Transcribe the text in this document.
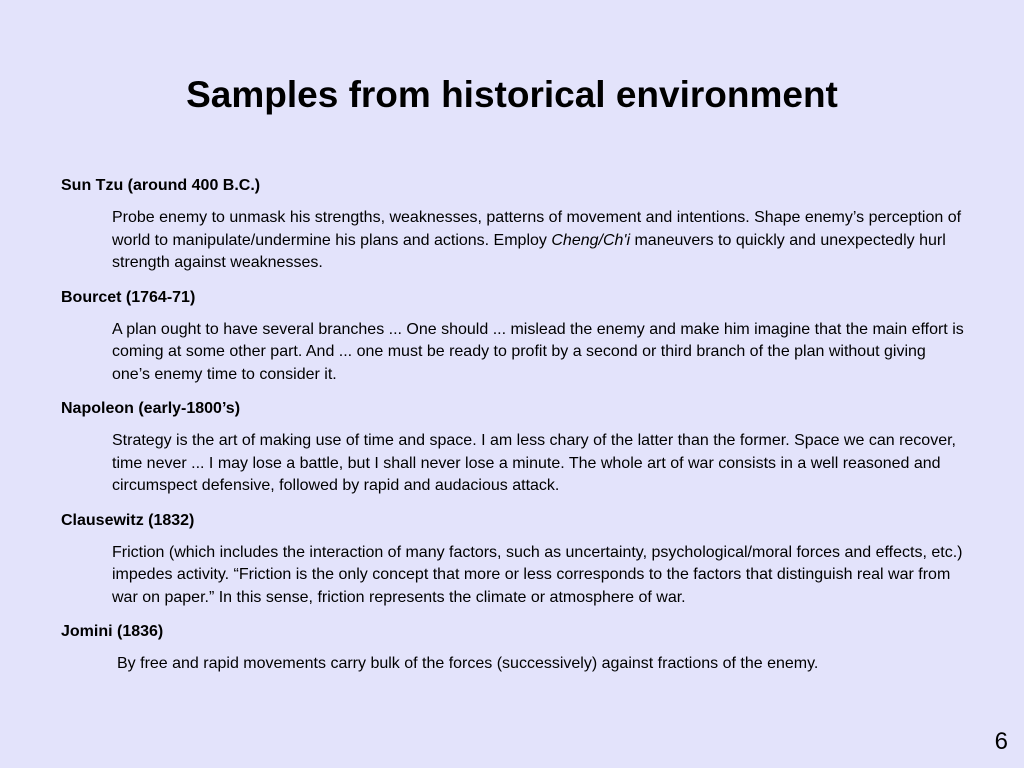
Samples from historical environment
Sun Tzu (around 400 B.C.)
Probe enemy to unmask his strengths, weaknesses, patterns of movement and intentions. Shape enemy’s perception of world to manipulate/undermine his plans and actions. Employ Cheng/Ch'i maneuvers to quickly and unexpectedly hurl strength against weaknesses.
Bourcet (1764-71)
A plan ought to have several branches ... One should ... mislead the enemy and make him imagine that the main effort is coming at some other part. And ... one must be ready to profit by a second or third branch of the plan without giving one’s enemy time to consider it.
Napoleon (early-1800’s)
Strategy is the art of making use of time and space. I am less chary of the latter than the former. Space we can recover, time never ... I may lose a battle, but I shall never lose a minute. The whole art of war consists in a well reasoned and circumspect defensive, followed by rapid and audacious attack.
Clausewitz (1832)
Friction (which includes the interaction of many factors, such as uncertainty, psychological/moral forces and effects, etc.) impedes activity. “Friction is the only concept that more or less corresponds to the factors that distinguish real war from war on paper.” In this sense, friction represents the climate or atmosphere of war.
Jomini (1836)
By free and rapid movements carry bulk of the forces (successively) against fractions of the enemy.
6
